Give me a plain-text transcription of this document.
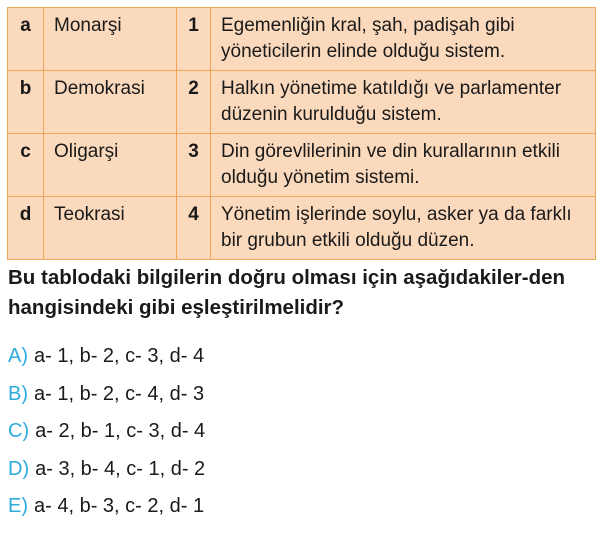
a	Monarşi	1	Egemenliğin kral, şah, padişah gibi yöneticilerin elinde olduğu sistem.
b	Demokrasi	2	Halkın yönetime katıldığı ve parlamenter düzenin kurulduğu sistem.
c	Oligarşi	3	Din görevlilerinin ve din kurallarının etkili olduğu yönetim sistemi.
d	Teokrasi	4	Yönetim işlerinde soylu, asker ya da farklı bir grubun etkili olduğu düzen.
Bu tablodaki bilgilerin doğru olması için aşağıdakiler-den hangisindeki gibi eşleştirilmelidir?
A) a- 1, b- 2, c- 3, d- 4
B) a- 1, b- 2, c- 4, d- 3
C) a- 2, b- 1, c- 3, d- 4
D) a- 3, b- 4, c- 1, d- 2
E) a- 4, b- 3, c- 2, d- 1
